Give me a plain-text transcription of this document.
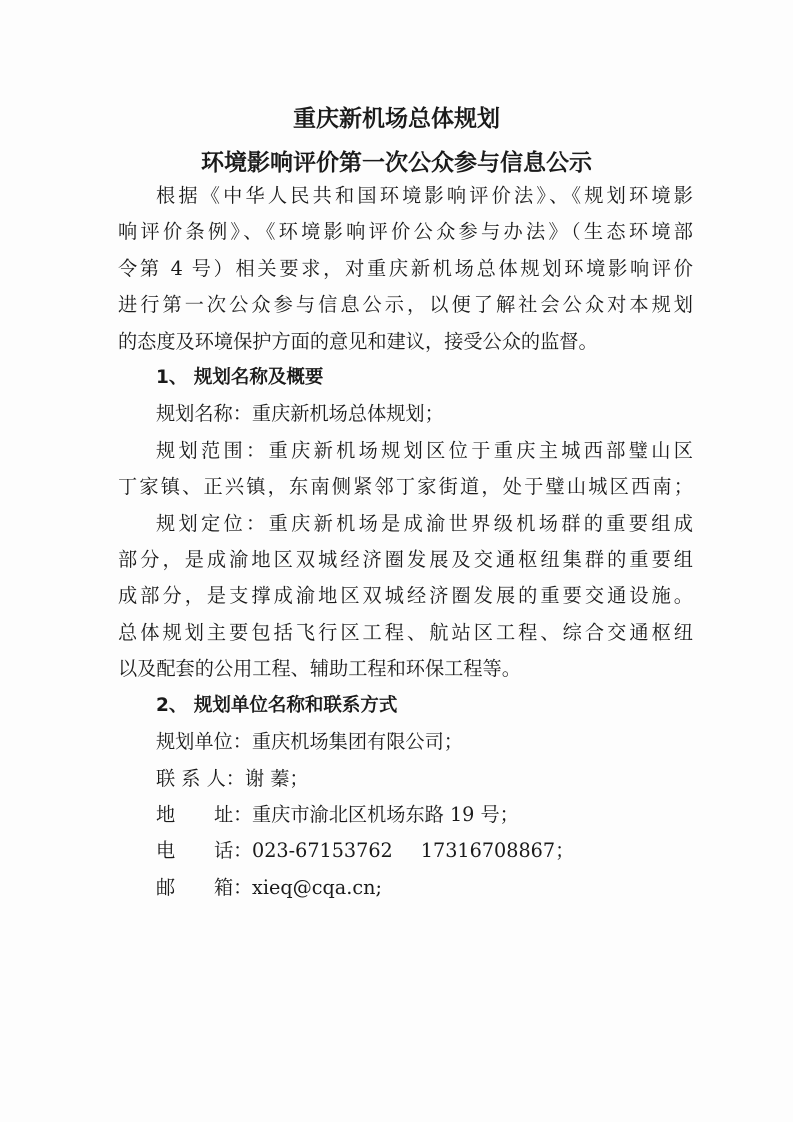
重庆新机场总体规划
环境影响评价第一次公众参与信息公示

根据《中华人民共和国环境影响评价法》、《规划环境影

响评价条例》、《环境影响评价公众参与办法》（生态环境部

令第 4 号）相关要求，对重庆新机场总体规划环境影响评价

进行第一次公众参与信息公示，以便了解社会公众对本规划

的态度及环境保护方面的意见和建议，接受公众的监督。

1、 规划名称及概要

规划名称：重庆新机场总体规划；

规划范围：重庆新机场规划区位于重庆主城西部璧山区

丁家镇、正兴镇，东南侧紧邻丁家街道，处于璧山城区西南；

规划定位：重庆新机场是成渝世界级机场群的重要组成

部分，是成渝地区双城经济圈发展及交通枢纽集群的重要组

成部分，是支撑成渝地区双城经济圈发展的重要交通设施。

总体规划主要包括飞行区工程、航站区工程、综合交通枢纽

以及配套的公用工程、辅助工程和环保工程等。

2、 规划单位名称和联系方式

规划单位：重庆机场集团有限公司；

联 系 人：谢 蓁；
地 址：重庆市渝北区机场东路 19 号；
电 话：023-67153762 17316708867；
邮 箱：xieq@cqa.cn;
